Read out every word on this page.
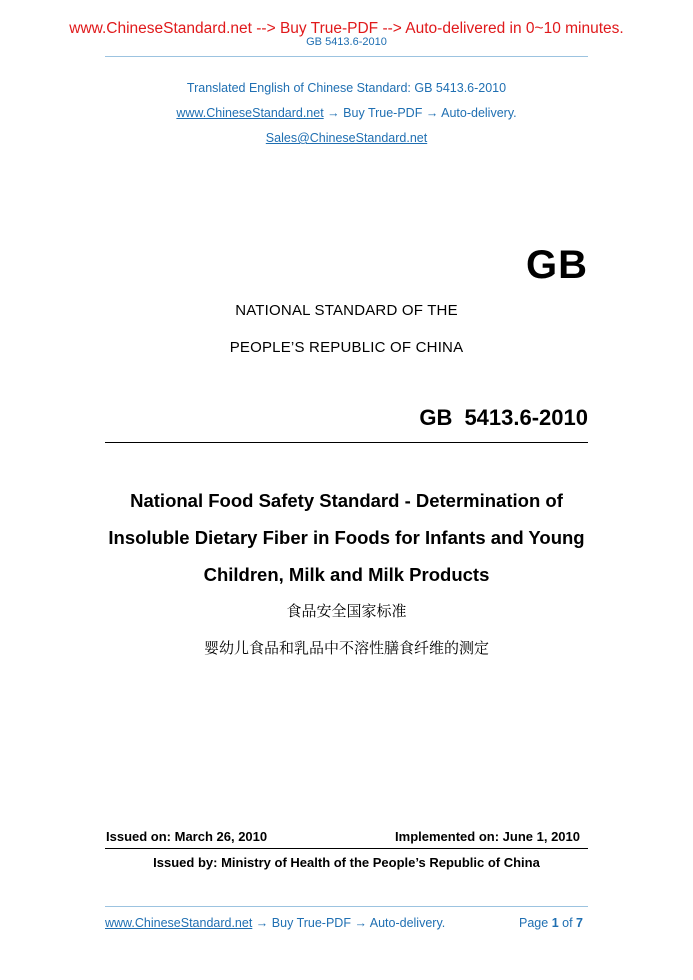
www.ChineseStandard.net --> Buy True-PDF --> Auto-delivered in 0~10 minutes.
GB 5413.6-2010
Translated English of Chinese Standard: GB 5413.6-2010
www.ChineseStandard.net → Buy True-PDF → Auto-delivery.
Sales@ChineseStandard.net
GB
NATIONAL STANDARD OF THE
PEOPLE’S REPUBLIC OF CHINA
GB 5413.6-2010
National Food Safety Standard - Determination of
Insoluble Dietary Fiber in Foods for Infants and Young
Children, Milk and Milk Products
食品安全国家标准
婴幼儿食品和乳品中不溶性膳食纤维的测定
Issued on: March 26, 2010	Implemented on: June 1, 2010
Issued by: Ministry of Health of the People’s Republic of China
www.ChineseStandard.net → Buy True-PDF → Auto-delivery.	Page 1 of 7
